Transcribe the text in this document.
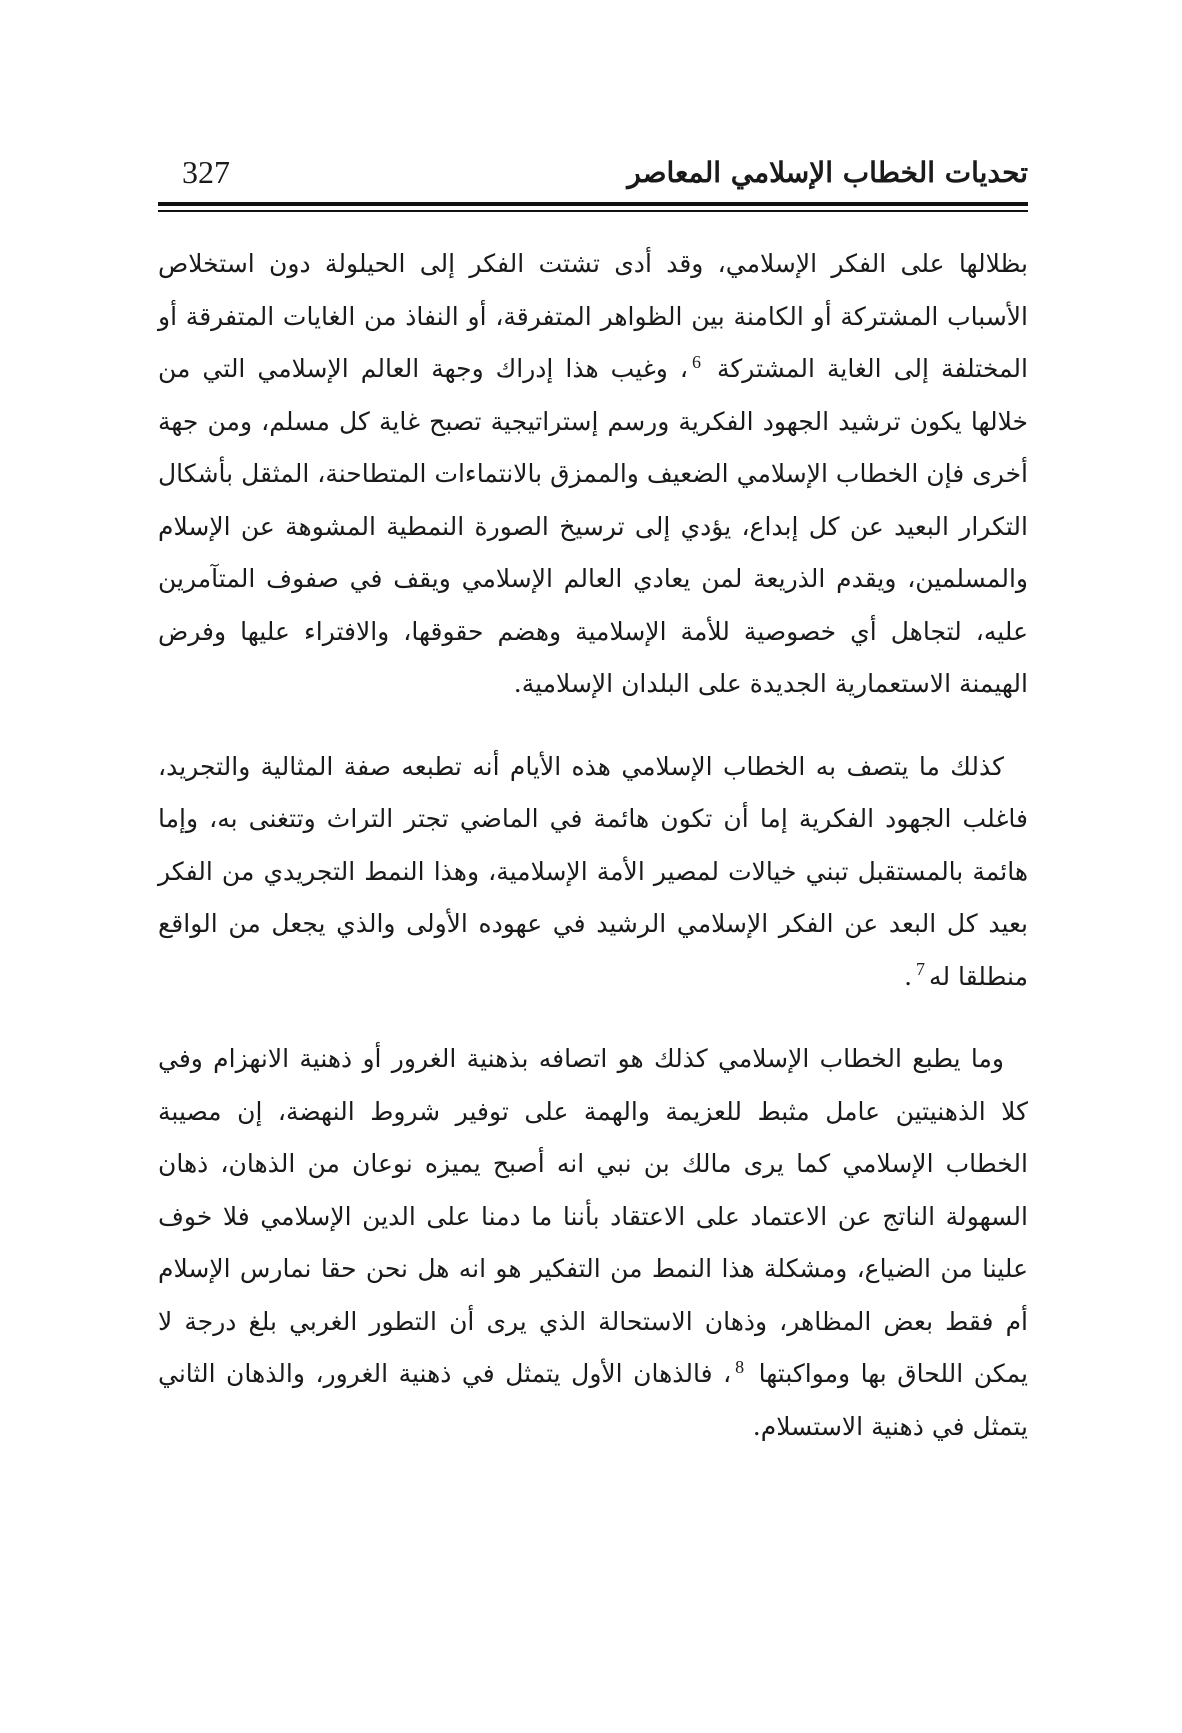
تحديات الخطاب الإسلامي المعاصر
327

بظلالها على الفكر الإسلامي، وقد أدى تشتت الفكر إلى الحيلولة دون استخلاص الأسباب المشتركة أو الكامنة بين الظواهر المتفرقة، أو النفاذ من الغايات المتفرقة أو المختلفة إلى الغاية المشتركة $^6$، وغيب هذا إدراك وجهة العالم الإسلامي التي من خلالها يكون ترشيد الجهود الفكرية ورسم إستراتيجية تصبح غاية كل مسلم، ومن جهة أخرى فإن الخطاب الإسلامي الضعيف والممزق بالانتماءات المتطاحنة، المثقل بأشكال التكرار البعيد عن كل إبداع، يؤدي إلى ترسيخ الصورة النمطية المشوهة عن الإسلام والمسلمين، ويقدم الذريعة لمن يعادي العالم الإسلامي ويقف في صفوف المتآمرين عليه، لتجاهل أي خصوصية للأمة الإسلامية وهضم حقوقها، والافتراء عليها وفرض الهيمنة الاستعمارية الجديدة على البلدان الإسلامية.

كذلك ما يتصف به الخطاب الإسلامي هذه الأيام أنه تطبعه صفة المثالية والتجريد، فاغلب الجهود الفكرية إما أن تكون هائمة في الماضي تجتر التراث وتتغنى به، وإما هائمة بالمستقبل تبني خيالات لمصير الأمة الإسلامية، وهذا النمط التجريدي من الفكر بعيد كل البعد عن الفكر الإسلامي الرشيد في عهوده الأولى والذي يجعل من الواقع منطلقا له$^7$.

وما يطبع الخطاب الإسلامي كذلك هو اتصافه بذهنية الغرور أو ذهنية الانهزام وفي كلا الذهنيتين عامل مثبط للعزيمة والهمة على توفير شروط النهضة، إن مصيبة الخطاب الإسلامي كما يرى مالك بن نبي انه أصبح يميزه نوعان من الذهان، ذهان السهولة الناتج عن الاعتماد على الاعتقاد بأننا ما دمنا على الدين الإسلامي فلا خوف علينا من الضياع، ومشكلة هذا النمط من التفكير هو انه هل نحن حقا نمارس الإسلام أم فقط بعض المظاهر، وذهان الاستحالة الذي يرى أن التطور الغربي بلغ درجة لا يمكن اللحاق بها ومواكبتها $^8$، فالذهان الأول يتمثل في ذهنية الغرور، والذهان الثاني يتمثل في ذهنية الاستسلام.
